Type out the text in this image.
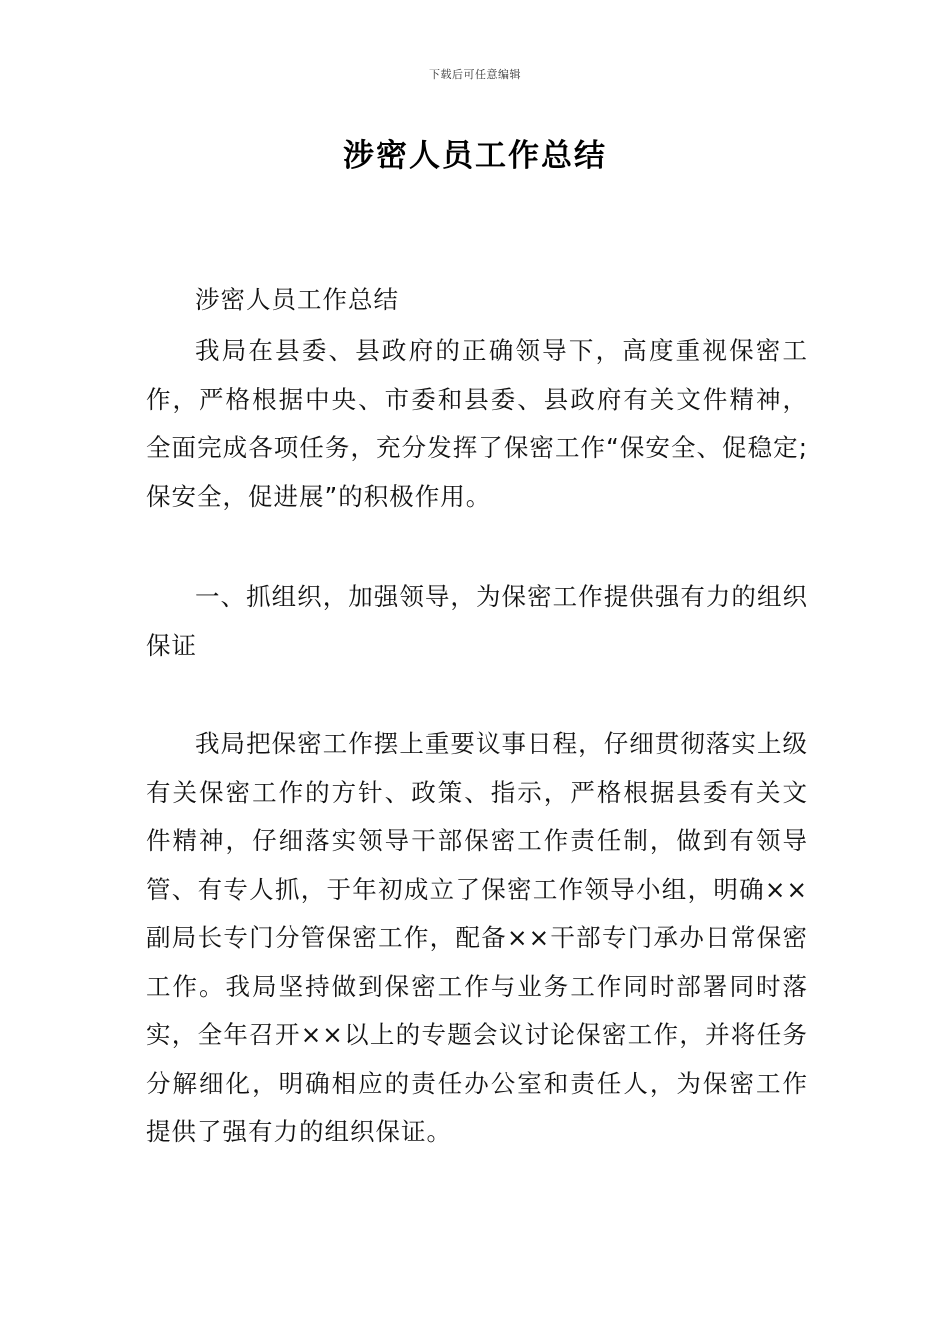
下载后可任意编辑
涉密人员工作总结

涉密人员工作总结

我局在县委、县政府的正确领导下，高度重视保密工作，严格根据中央、市委和县委、县政府有关文件精神，全面完成各项任务，充分发挥了保密工作“保安全、促稳定;保安全，促进展”的积极作用。

一、抓组织，加强领导，为保密工作提供强有力的组织保证

我局把保密工作摆上重要议事日程，仔细贯彻落实上级有关保密工作的方针、政策、指示，严格根据县委有关文件精神，仔细落实领导干部保密工作责任制，做到有领导管、有专人抓，于年初成立了保密工作领导小组，明确××副局长专门分管保密工作，配备××干部专门承办日常保密工作。我局坚持做到保密工作与业务工作同时部署同时落实，全年召开××以上的专题会议讨论保密工作，并将任务分解细化，明确相应的责任办公室和责任人，为保密工作提供了强有力的组织保证。
